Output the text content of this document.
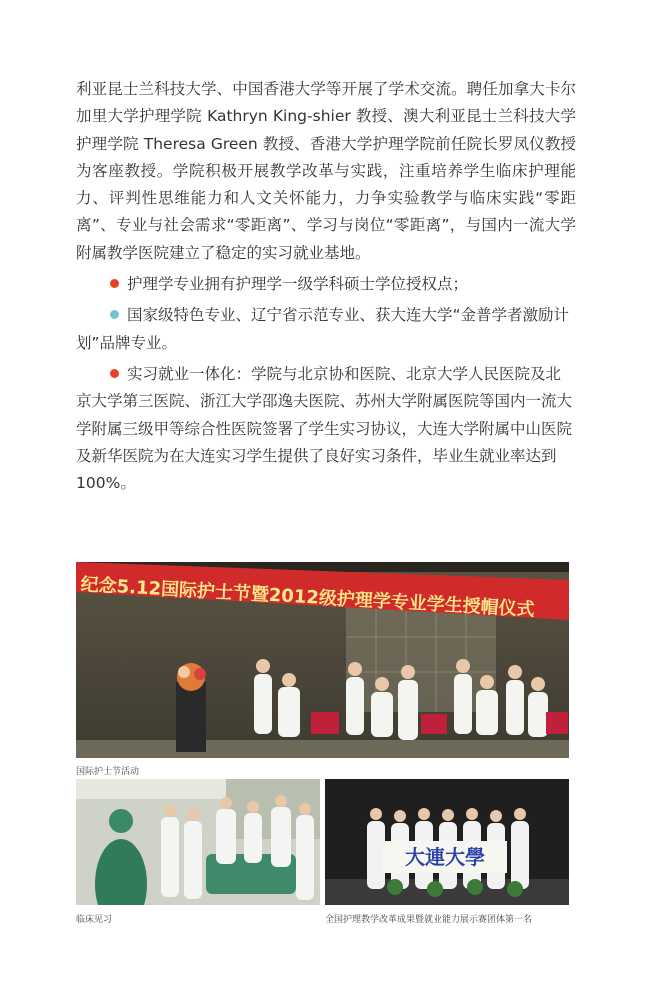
利亚昆士兰科技大学、中国香港大学等开展了学术交流。聘任加拿大卡尔加里大学护理学院 Kathryn King-shier 教授、澳大利亚昆士兰科技大学护理学院 Theresa Green 教授、香港大学护理学院前任院长罗凤仪教授为客座教授。学院积极开展教学改革与实践，注重培养学生临床护理能力、评判性思维能力和人文关怀能力，力争实验教学与临床实践“零距离”、专业与社会需求“零距离”、学习与岗位“零距离”，与国内一流大学附属教学医院建立了稳定的实习就业基地。

护理学专业拥有护理学一级学科硕士学位授权点；

国家级特色专业、辽宁省示范专业、获大连大学“金普学者激励计划”品牌专业。

实习就业一体化：学院与北京协和医院、北京大学人民医院及北京大学第三医院、浙江大学邵逸夫医院、苏州大学附属医院等国内一流大学附属三级甲等综合性医院签署了学生实习协议，大连大学附属中山医院及新华医院为在大连实习学生提供了良好实习条件，毕业生就业率达到 100%。

纪念5.12国际护士节暨2012级护理学专业学生授帽仪式
国际护士节活动
临床见习
大連大學
全国护理教学改革成果暨就业能力展示赛团体第一名
